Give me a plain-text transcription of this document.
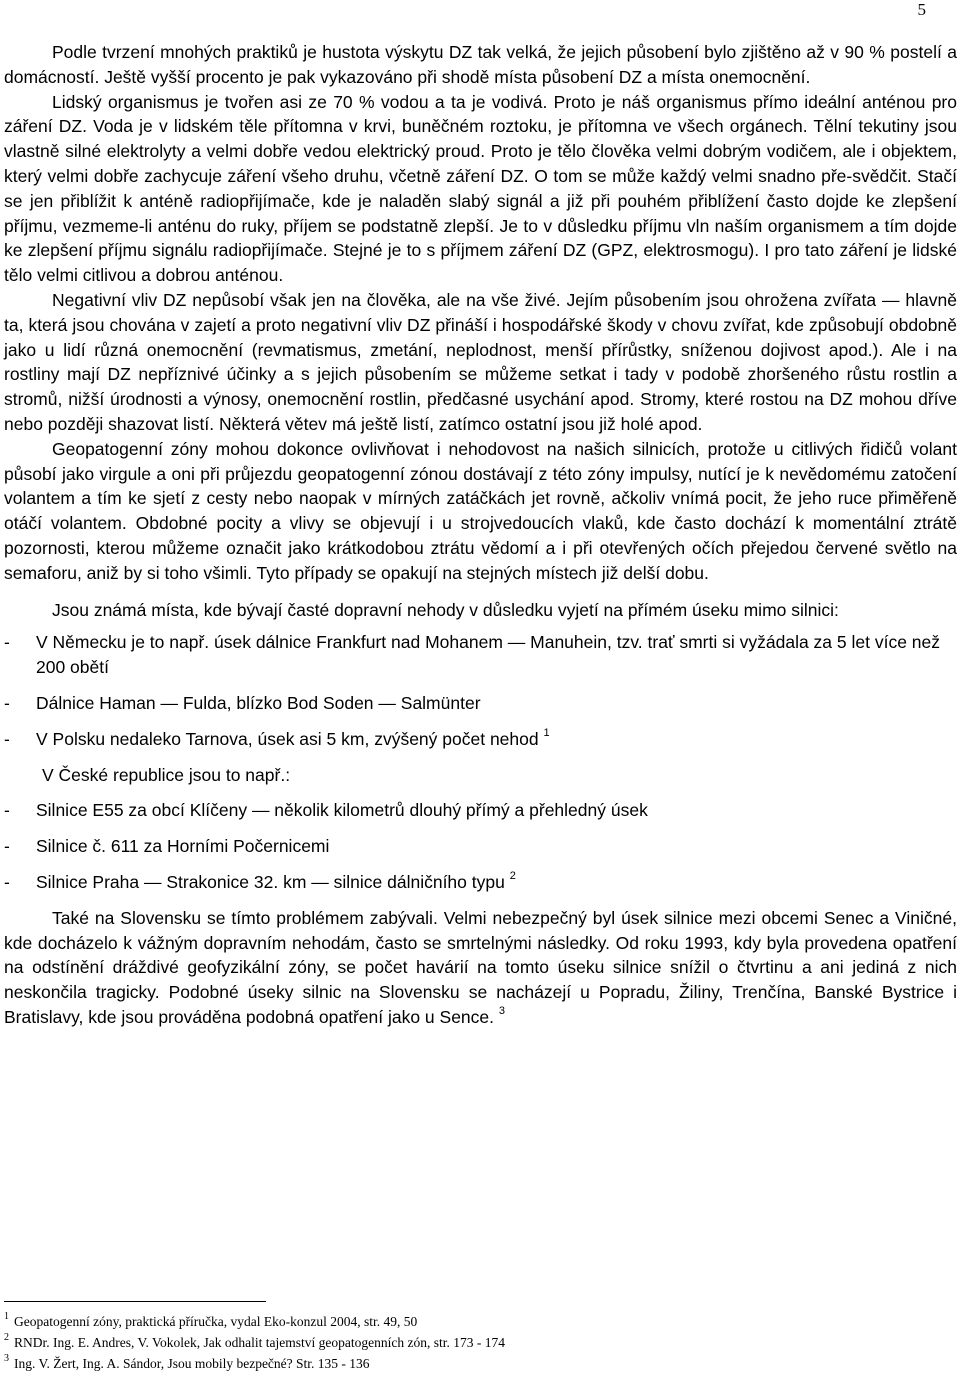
5

Podle tvrzení mnohých praktiků je hustota výskytu DZ tak velká, že jejich působení bylo zjištěno až v 90 % postelí a domácností. Ještě vyšší procento je pak vykazováno při shodě místa působení DZ a místa onemocnění.

Lidský organismus je tvořen asi ze 70 % vodou a ta je vodivá. Proto je náš organismus přímo ideální anténou pro záření DZ. Voda je v lidském těle přítomna v krvi, buněčném roztoku, je přítomna ve všech orgánech. Tělní tekutiny jsou vlastně silné elektrolyty a velmi dobře vedou elektrický proud. Proto je tělo člověka velmi dobrým vodičem, ale i objektem, který velmi dobře zachycuje záření všeho druhu, včetně záření DZ. O tom se může každý velmi snadno pře-svědčit. Stačí se jen přiblížit k anténě radiopřijímače, kde je naladěn slabý signál a již při pouhém přiblížení často dojde ke zlepšení příjmu, vezmeme-li anténu do ruky, příjem se podstatně zlepší. Je to v důsledku příjmu vln naším organismem a tím dojde ke zlepšení příjmu signálu radiopřijímače. Stejné je to s příjmem záření DZ (GPZ, elektrosmogu). I pro tato záření je lidské tělo velmi citlivou a dobrou anténou.

Negativní vliv DZ nepůsobí však jen na člověka, ale na vše živé. Jejím působením jsou ohrožena zvířata — hlavně ta, která jsou chována v zajetí a proto negativní vliv DZ přináší i hospodářské škody v chovu zvířat, kde způsobují obdobně jako u lidí různá onemocnění (revmatismus, zmetání, neplodnost, menší přírůstky, sníženou dojivost apod.). Ale i na rostliny mají DZ nepříznivé účinky a s jejich působením se můžeme setkat i tady v podobě zhoršeného růstu rostlin a stromů, nižší úrodnosti a výnosy, onemocnění rostlin, předčasné usychání apod. Stromy, které rostou na DZ mohou dříve nebo později shazovat listí. Některá větev má ještě listí, zatímco ostatní jsou již holé apod.

Geopatogenní zóny mohou dokonce ovlivňovat i nehodovost na našich silnicích, protože u citlivých řidičů volant působí jako virgule a oni při průjezdu geopatogenní zónou dostávají z této zóny impulsy, nutící je k nevědomému zatočení volantem a tím ke sjetí z cesty nebo naopak v mírných zatáčkách jet rovně, ačkoliv vnímá pocit, že jeho ruce přiměřeně otáčí volantem. Obdobné pocity a vlivy se objevují i u strojvedoucích vlaků, kde často dochází k momentální ztrátě pozornosti, kterou můžeme označit jako krátkodobou ztrátu vědomí a i při otevřených očích přejedou červené světlo na semaforu, aniž by si toho všimli. Tyto případy se opakují na stejných místech již delší dobu.

Jsou známá místa, kde bývají časté dopravní nehody v důsledku vyjetí na přímém úseku mimo silnici:

- V Německu je to např. úsek dálnice Frankfurt nad Mohanem — Manuhein, tzv. trať smrti si vyžádala za 5 let více než 200 obětí
- Dálnice Haman — Fulda, blízko Bod Soden — Salmünter
- V Polsku nedaleko Tarnova, úsek asi 5 km, zvýšený počet nehod $^1$
V České republice jsou to např.:
- Silnice E55 za obcí Klíčeny — několik kilometrů dlouhý přímý a přehledný úsek
- Silnice č. 611 za Horními Počernicemi
- Silnice Praha — Strakonice 32. km — silnice dálničního typu $^2$

Také na Slovensku se tímto problémem zabývali. Velmi nebezpečný byl úsek silnice mezi obcemi Senec a Viničné, kde docházelo k vážným dopravním nehodám, často se smrtelnými následky. Od roku 1993, kdy byla provedena opatření na odstínění dráždivé geofyzikální zóny, se počet havárií na tomto úseku silnice snížil o čtvrtinu a ani jediná z nich neskončila tragicky. Podobné úseky silnic na Slovensku se nacházejí u Popradu, Žiliny, Trenčína, Banské Bystrice i Bratislavy, kde jsou prováděna podobná opatření jako u Sence. $^3$

1 Geopatogenní zóny, praktická příručka, vydal Eko-konzul 2004, str. 49, 50
2 RNDr. Ing. E. Andres, V. Vokolek, Jak odhalit tajemství geopatogenních zón, str. 173 - 174
3 Ing. V. Žert, Ing. A. Sándor, Jsou mobily bezpečné? Str. 135 - 136
